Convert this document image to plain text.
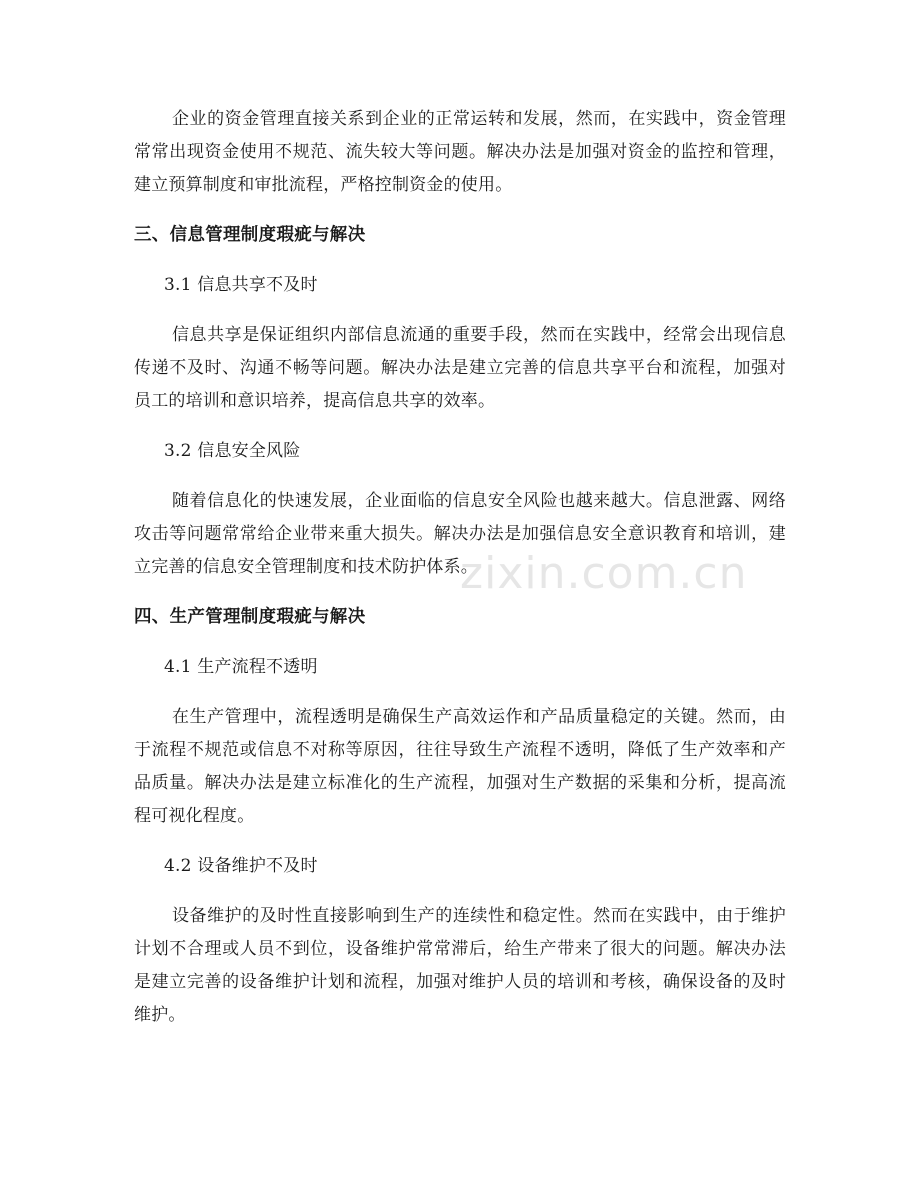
企业的资金管理直接关系到企业的正常运转和发展，然而，在实践中，资金管理常常出现资金使用不规范、流失较大等问题。解决办法是加强对资金的监控和管理，建立预算制度和审批流程，严格控制资金的使用。

三、信息管理制度瑕疵与解决
3.1 信息共享不及时

信息共享是保证组织内部信息流通的重要手段，然而在实践中，经常会出现信息传递不及时、沟通不畅等问题。解决办法是建立完善的信息共享平台和流程，加强对员工的培训和意识培养，提高信息共享的效率。

3.2 信息安全风险

随着信息化的快速发展，企业面临的信息安全风险也越来越大。信息泄露、网络攻击等问题常常给企业带来重大损失。解决办法是加强信息安全意识教育和培训，建立完善的信息安全管理制度和技术防护体系。

四、生产管理制度瑕疵与解决
4.1 生产流程不透明

在生产管理中，流程透明是确保生产高效运作和产品质量稳定的关键。然而，由于流程不规范或信息不对称等原因，往往导致生产流程不透明，降低了生产效率和产品质量。解决办法是建立标准化的生产流程，加强对生产数据的采集和分析，提高流程可视化程度。

4.2 设备维护不及时

设备维护的及时性直接影响到生产的连续性和稳定性。然而在实践中，由于维护计划不合理或人员不到位，设备维护常常滞后，给生产带来了很大的问题。解决办法是建立完善的设备维护计划和流程，加强对维护人员的培训和考核，确保设备的及时维护。

zixin.com.cn
